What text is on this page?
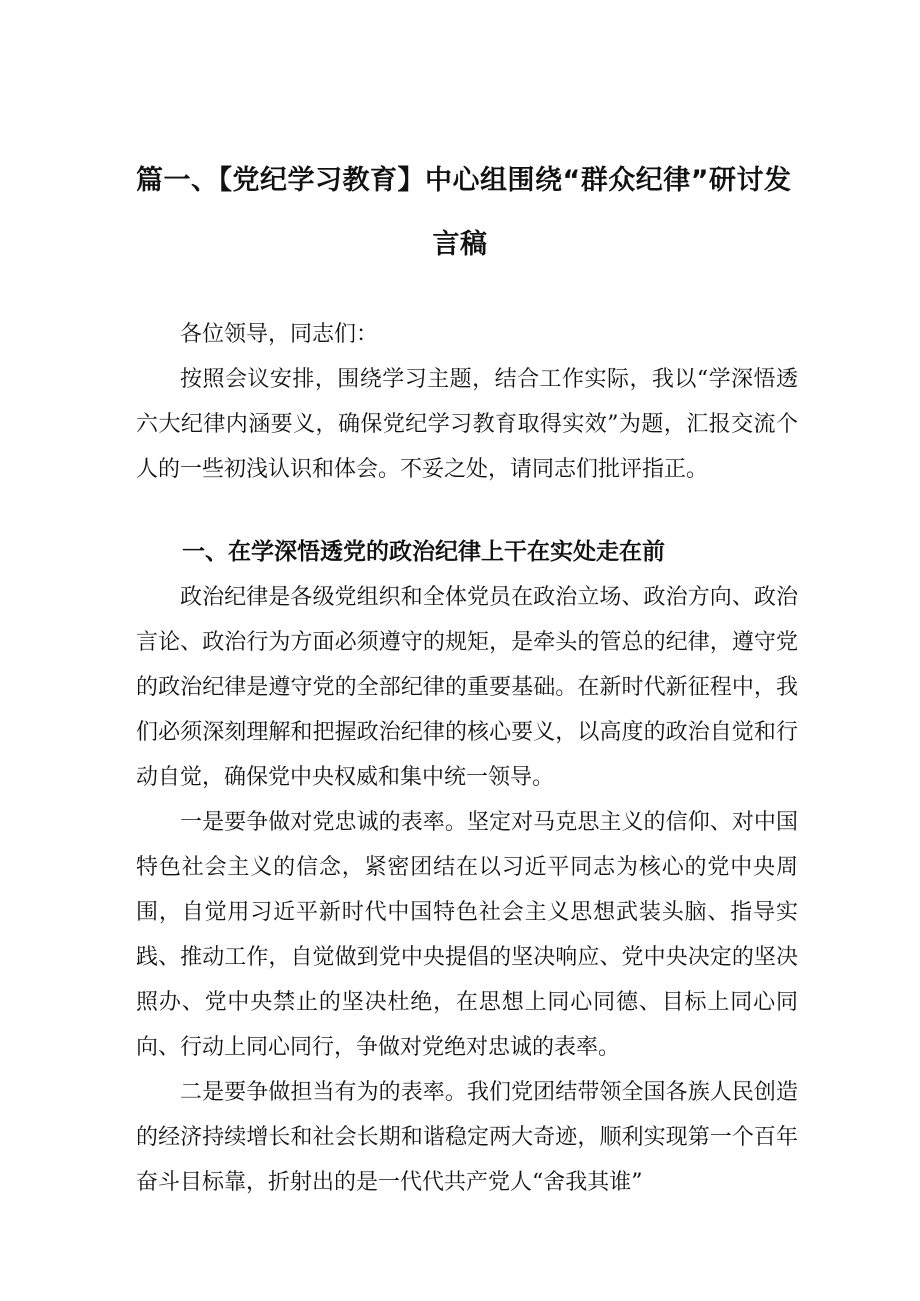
篇一、【党纪学习教育】中心组围绕“群众纪律”研讨发
言稿

各位领导，同志们：

按照会议安排，围绕学习主题，结合工作实际，我以“学深悟透六大纪律内涵要义，确保党纪学习教育取得实效”为题，汇报交流个人的一些初浅认识和体会。不妥之处，请同志们批评指正。

一、在学深悟透党的政治纪律上干在实处走在前

政治纪律是各级党组织和全体党员在政治立场、政治方向、政治言论、政治行为方面必须遵守的规矩，是牵头的管总的纪律，遵守党的政治纪律是遵守党的全部纪律的重要基础。在新时代新征程中，我们必须深刻理解和把握政治纪律的核心要义，以高度的政治自觉和行动自觉，确保党中央权威和集中统一领导。

一是要争做对党忠诚的表率。坚定对马克思主义的信仰、对中国特色社会主义的信念，紧密团结在以习近平同志为核心的党中央周围，自觉用习近平新时代中国特色社会主义思想武装头脑、指导实践、推动工作，自觉做到党中央提倡的坚决响应、党中央决定的坚决照办、党中央禁止的坚决杜绝，在思想上同心同德、目标上同心同向、行动上同心同行，争做对党绝对忠诚的表率。

二是要争做担当有为的表率。我们党团结带领全国各族人民创造的经济持续增长和社会长期和谐稳定两大奇迹，顺利实现第一个百年奋斗目标靠，折射出的是一代代共产党人“舍我其谁”
